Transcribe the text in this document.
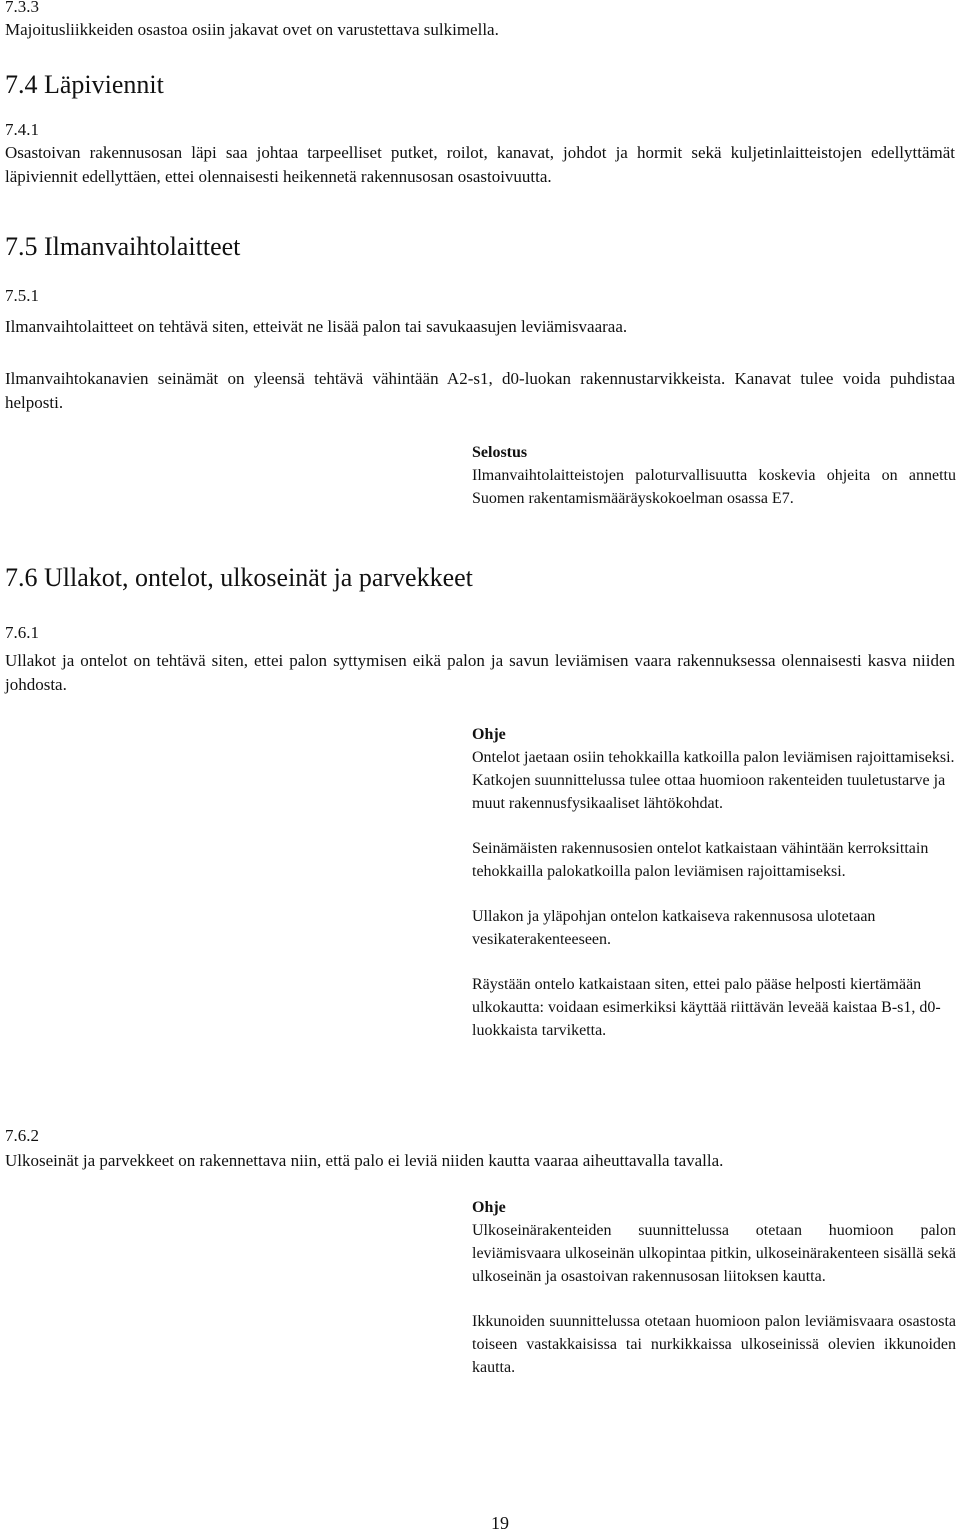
7.3.3
Majoitusliikkeiden osastoa osiin jakavat ovet on varustettava sulkimella.
7.4 Läpiviennit
7.4.1
Osastoivan rakennusosan läpi saa johtaa tarpeelliset putket, roilot, kanavat, johdot ja hormit sekä kuljetinlaitteistojen edellyttämät läpiviennit edellyttäen, ettei olennaisesti heikennetä rakennusosan osastoivuutta.
7.5 Ilmanvaihtolaitteet
7.5.1
Ilmanvaihtolaitteet on tehtävä siten, etteivät ne lisää palon tai savukaasujen leviämisvaaraa.
Ilmanvaihtokanavien seinämät on yleensä tehtävä vähintään A2-s1, d0-luokan rakennustarvikkeista. Kanavat tulee voida puhdistaa helposti.
Selostus

Ilmanvaihtolaitteistojen paloturvallisuutta koskevia ohjeita on annettu Suomen rakentamismääräyskokoelman osassa E7.

7.6 Ullakot, ontelot, ulkoseinät ja parvekkeet
7.6.1
Ullakot ja ontelot on tehtävä siten, ettei palon syttymisen eikä palon ja savun leviämisen vaara rakennuksessa olennaisesti kasva niiden johdosta.
Ohje

Ontelot jaetaan osiin tehokkailla katkoilla palon leviämisen rajoittamiseksi. Katkojen suunnittelussa tulee ottaa huomioon rakenteiden tuuletustarve ja muut rakennusfysikaaliset lähtökohdat.

Seinämäisten rakennusosien ontelot katkaistaan vähintään kerroksittain tehokkailla palokatkoilla palon leviämisen rajoittamiseksi.

Ullakon ja yläpohjan ontelon katkaiseva rakennusosa ulotetaan vesikaterakenteeseen.

Räystään ontelo katkaistaan siten, ettei palo pääse helposti kiertämään ulkokautta: voidaan esimerkiksi käyttää riittävän leveää kaistaa B-s1, d0-luokkaista tarviketta.

7.6.2
Ulkoseinät ja parvekkeet on rakennettava niin, että palo ei leviä niiden kautta vaaraa aiheuttavalla tavalla.
Ohje

Ulkoseinärakenteiden suunnittelussa otetaan huomioon palon leviämisvaara ulkoseinän ulkopintaa pitkin, ulkoseinärakenteen sisällä sekä ulkoseinän ja osastoivan rakennusosan liitoksen kautta.

Ikkunoiden suunnittelussa otetaan huomioon palon leviämisvaara osastosta toiseen vastakkaisissa tai nurkikkaissa ulkoseinissä olevien ikkunoiden kautta.

19
